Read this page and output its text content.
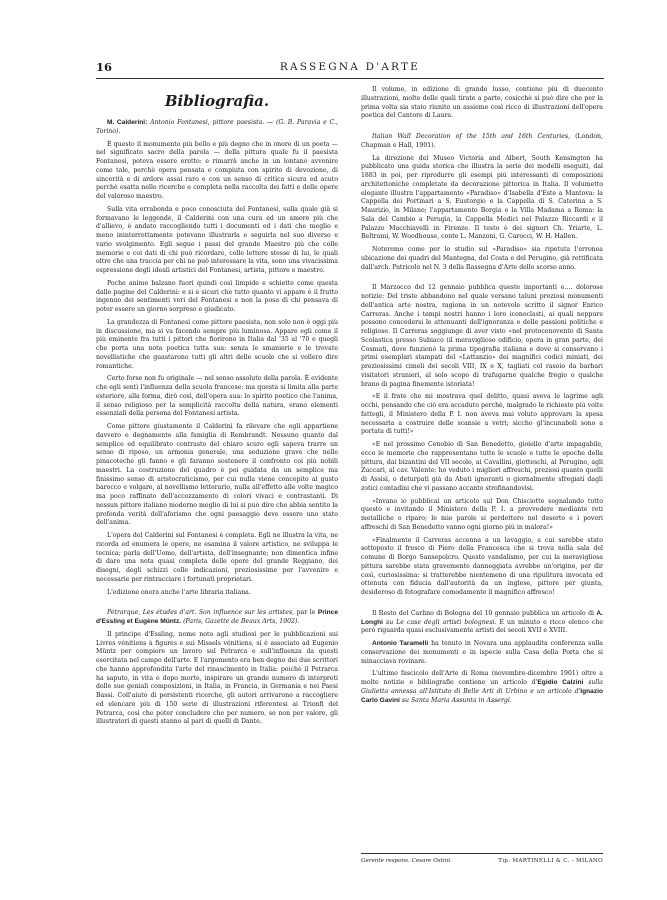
16	RASSEGNA D'ARTE
Bibliografia.

M. Calderini: Antonio Fontanesi, pittore paesista. — (G. B. Paravia e C., Torino).

È questo il monumento più bello e più degno che in onore di un poeta — nel significato sacro della parola — della pittura quale fu il paesista Fontanesi, poteva essere eretto: e rimarrà anche in un lontano avvenire come tale, perchè opera pensata e compiuta con spirito di devozione, di sincerità e di ardore assai raro e con un senso di critica sicura ed acuto perchè esatta nelle ricerche e completa nella raccolta dei fatti e delle opere del valoroso maestro.

Sulla vita errabonda e poco conosciuta del Fontanesi, sulla quale già si formavano le leggende, il Calderini con una cura ed un amore più che d'allievo, è andato raccogliendo tutti i documenti ed i dati che meglio e meno ininterrottamente potevano illustrarla e seguirla nel suo diverso e vario svolgimento. Egli segue i passi del grande Maestro più che colle memorie e coi dati di chi può ricordare, colle lettere stesse di lui, le quali oltre che una traccia per chi ne può interessare la vita, sono una vivacissima espressione degli ideali artistici del Fontanesi, artista, pittore e maestro.

Poche anime balzano fuori quindi così limpide e schiette come questa dalle pagine del Calderini: e si è sicuri che tutto quanto vi appare è il frutto ingenuo dei sentimenti veri del Fontanesi e non la posa di chi pensava di poter essere un giorno sorpreso e giudicato.

La grandezza di Fontanesi come pittore paesista, non solo non è oggi più in discussione, ma si va facendo sempre più luminosa. Appare egli come il più eminente fra tutti i pittori che fiorirono in Italia dal '35 al '70 e quegli che porta una nota poetica tutta sua: senza le smanierie e le trovate novellistiche che guastarono tutti gli altri delle scuole che si vollero dire romantiche.

Certo forse non fu originale — nel senso assoluto della parola. È evidente che egli sentì l'influenza della scuola francese: ma questa si limita alla parte esteriore, alla forma, dirò così, dell'opera sua: lo spirito poetico che l'anima, il senso religioso per la semplicità raccolta della natura, erano elementi essenziali della persona del Fontanesi artista.

Come pittore giustamente il Calderini fa rilevare che egli appartiene davvero e degnamente alla famiglia di Rembrandt. Nessuno quanto dal semplice ed equilibrato contrasto del chiaro scuro egli sapeva trarre un senso di riposo, un armonia generale, una seduzione grave che nelle pinacoteche gli fanno e gli faranno sostenere il confronto coi più nobili maestri. La costruzione del quadro è poi guidata da un semplice ma finissimo senso di aristocraticismo, per cui nulla viene concepito al gusto barocco e volgare, al novellismo letterario, nulla all'effetto alle volte magico ma poco raffinato dell'accozzamento di colori vivaci e contrastanti. Di nessun pittore italiano moderno meglio di lui si può dire che abbia sentito la profonda verità dell'aforismo che ogni paesaggio deve essere uno stato dell'anima.

L'opera del Calderini sul Fontanesi è completa. Egli ne illustra la vita, ne ricorda ed enumera le opere, ne esamina il valore artistico, ne sviluppa le tecnica; parla dell'Uomo, dell'artista, dell'insegnante; non dimentica infine di dare una nota quasi completa delle opere del grande Reggiano, dei disegni, degli schizzi colle indicazioni, preziosissime per l'avvenire e necessarie per rintracciare i fortunati proprietari.

L'edizione onora anche l'arte libraria italiana.

Pétrarque, Les études d'art. Son influence sur les artistes, par le Prince d'Essling et Eugène Müntz. (Paris, Gazette de Beaux Arts, 1902).

Il principe d'Essling, nome noto agli studiosi per le pubblicazioni sui Livres vénitiens à figures e sui Missels vénitiens, si è associato ad Eugenio Müntz per compiere un lavoro sul Petrarca e sull'influenza da questi esercitata nel campo dell'arte. E l'argomento era ben degno dei due scrittori che hanno approfondita l'arte del rinascimento in Italia: poichè il Petrarca ha saputo, in vita e dopo morte, inspirare un grande numero di interpreti delle sue geniali composizioni, in Italia, in Francia, in Germania e nei Paesi Bassi. Coll'aiuto di persistenti ricerche, gli autori arrivarono a raccogliere ed elencare più di 150 serie di illustrazioni riferentesi ai Trionfi del Petrarca, così che poter concludere che per numero, se non per valore, gli illustratori di questi stanno al pari di quelli di Dante.

Il volume, in edizione di grande lusso, contiene più di duecento illustrazioni, molte delle quali tirate a parte, cosicchè si può dire che per la prima volta sia stato riunito un assieme così ricco di illustrazioni dell'opera poetica del Cantore di Laura.

Italian Wall Decoration of the 15th and 16th Centuries, (London, Chapman e Hall, 1901).

La direzione del Museo Victoria and Albert, South Kensington ha pubblicato una guida storica che illustra la serie dei modelli eseguiti, dal 1883 in poi, per riprodurre gli esempi più interessanti di composizioni architettoniche completate da decorazione pittorica in Italia. Il volumetto elegante illustra l'appartamento «Paradiso» d'Isabella d'Este a Mantova: la Cappella dei Portinari a S. Eustorgio e la Cappella di S. Caterina a S. Maurizio, in Milano; l'appartamento Borgia e la Villa Madama a Roma: la Sala del Cambio a Perugia, la Cappella Medici nel Palazzo Riccardi e il Palazzo Macchiavelli in Firenze. Il testo è dei signori Ch. Yriarte, L. Beltrami, W. Woodhouse, conte L. Manzoni, G. Carocci, W. H. Hallen.

Noteremo come per lo studio sul «Paradiso» sia ripetuta l'erronea ubicazione dei quadri del Mantegna, del Costa e del Perugino, già rettificata dall'arch. Patricolo nel N. 3 della Rassegna d'Arte dello scorso anno.

Il Marzocco del 12 gennaio pubblica queste importanti e.... dolorose notizie: Del triste abbandono nel quale versano taluni preziosi monumenti dell'antica arte nostra, ragiona in un notevole scritto il signor Enrico Carreras. Anche i tempi nostri hanno i loro iconoclasti, ai quali neppure possono concedersi le attenuanti dell'ignoranza e delle passioni politiche e religiose. Il Carreras soggiunge di aver visto «nel protocenovento di Santa Scolastica presso Subiaco (il meraviglioso edificio, opera in gran parte, dei Cosmati, dove funzionò la prima tipografia italiana e dove si conservano i primi esemplari stampati del «Lattanzio» dei magnifici codici miniati, dei preziosissimi cimeli dei secoli VIII, IX e X, tagliati col rasoio da barbari visitatori stranieri, al solo scopo di trafugarne qualche fregio o qualche brano di pagina finemente istoriata!

«E il frate che mi mostrava quel delitto, quasi aveva le lagrime agli occhi, pensando che ciò era accaduto perchè, malgrado le richieste più volte fattegli, il Ministero della P. I. non aveva mai voluto approvare la spesa necessaria a costruire delle scansie a vetri; siccho gl'incunaboli sono a portata di tutti!»

«E nel prossimo Cenobio di San Benedetto, gioiello d'arte impagabile, ecco le memorie che rappresentano tutte le scuole e tutte le epoche della pittura, dai bizantini del VII secolo, ai Cavallini, giotteschi, al Perugino, agli Zuccari, al cav. Valente: ho veduto i migliori affreschi, preziosi quanto quelli di Assisi, o deturpati già da Abati ignoranti o giornalmente sfregiati dagli zotici contadini che vi passano accanto strofinandovisi.

«Invano io pubblicai un articolo sul Don Chisciotte segnalando tutto questo e invitando il Ministero della P. I. a provvedere mediante reti metalliche o riparo; le mie parole si perdettero nel deserto e i poveri affreschi di San Benedetto vanno ogni giorno più in malora!»

«Finalmente il Carreras accenna a un lavaggio, a cui sarebbe stato sottoposto il fresco di Piero della Francesca che si trova nella sala del comune di Borgo Sansepolcro. Questo vandalismo, per cui la meravigliosa pittura sarebbe stata gravemente danneggiata avrebbe un'origine, per dir così, curiosissima: si tratterebbe nientemeno di una ripulitura invocata ed ottenuta con fiducia dall'autorità da un inglese, pittore per giunta, desideroso di fotografare comodamente il magnifico affresco!

Il Resto del Carlino di Bologna del 10 gennaio pubblica un articolo di A. Longhi su Le case degli artisti bolognesi. E un minuto e ricco elenco che però riguarda quasi esclusivamente artisti dei secoli XVII e XVIII.

Antonio Taramelli ha tenuto in Novara una applaudita conferenza sulla conservazione dei monumenti e in ispecie sulla Casa della Porta che si minacciava rovinare.

L'ultimo fascicolo dell'Arte di Roma (novembre-dicembre 1901) oltre a molte notizie e bibliografie contiene un articolo d'Egidio Calzini sulla Giulietta annessa all'Istituto di Belle Arti di Urbino e un articolo d'Ignazio Carlo Gavini su Santa Maria Assunta in Assergi.

Gerente respons. Cesare Ostini.	Tip. MARTINELLI & C. - MILANO
